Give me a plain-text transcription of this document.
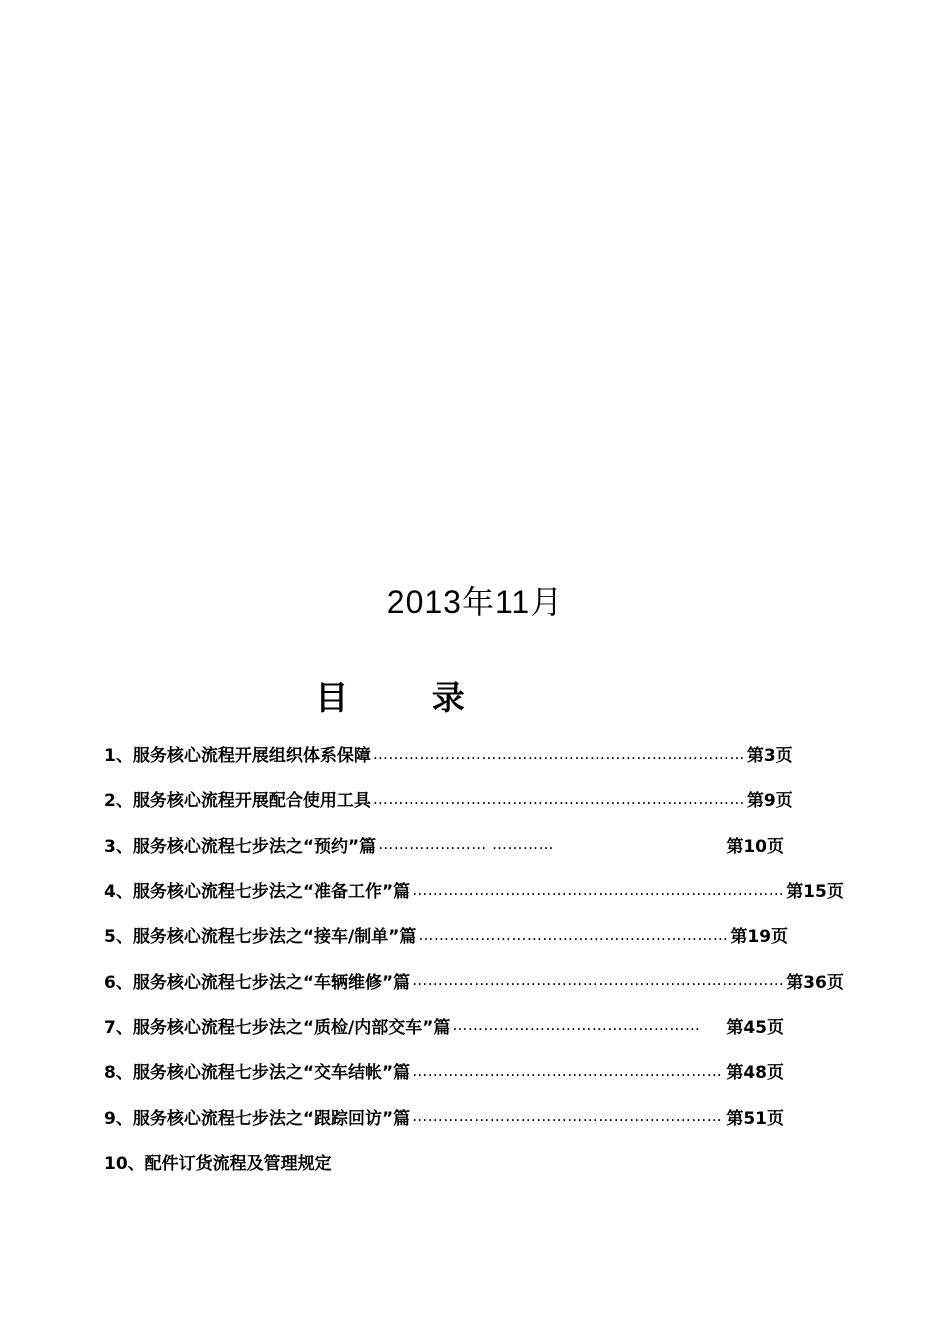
2013年11月
目 录
1、服务核心流程开展组织体系保障 ……………………………………………………………… 第3页
2、服务核心流程开展配合使用工具 ……………………………………………………………… 第9页
3、服务核心流程七步法之“预约”篇 ………………… …………	第10页
4、服务核心流程七步法之“准备工作”篇 ……………………………………………………………… 第15页
5、服务核心流程七步法之“接车/制单”篇 …………………………………………………… 第19页
6、服务核心流程七步法之“车辆维修”篇 ……………………………………………………………… 第36页
7、服务核心流程七步法之“质检/内部交车”篇 …………………………………………	第45页
8、服务核心流程七步法之“交车结帐”篇 …………………………………………………… 第48页
9、服务核心流程七步法之“跟踪回访”篇 …………………………………………………… 第51页
10、配件订货流程及管理规定
